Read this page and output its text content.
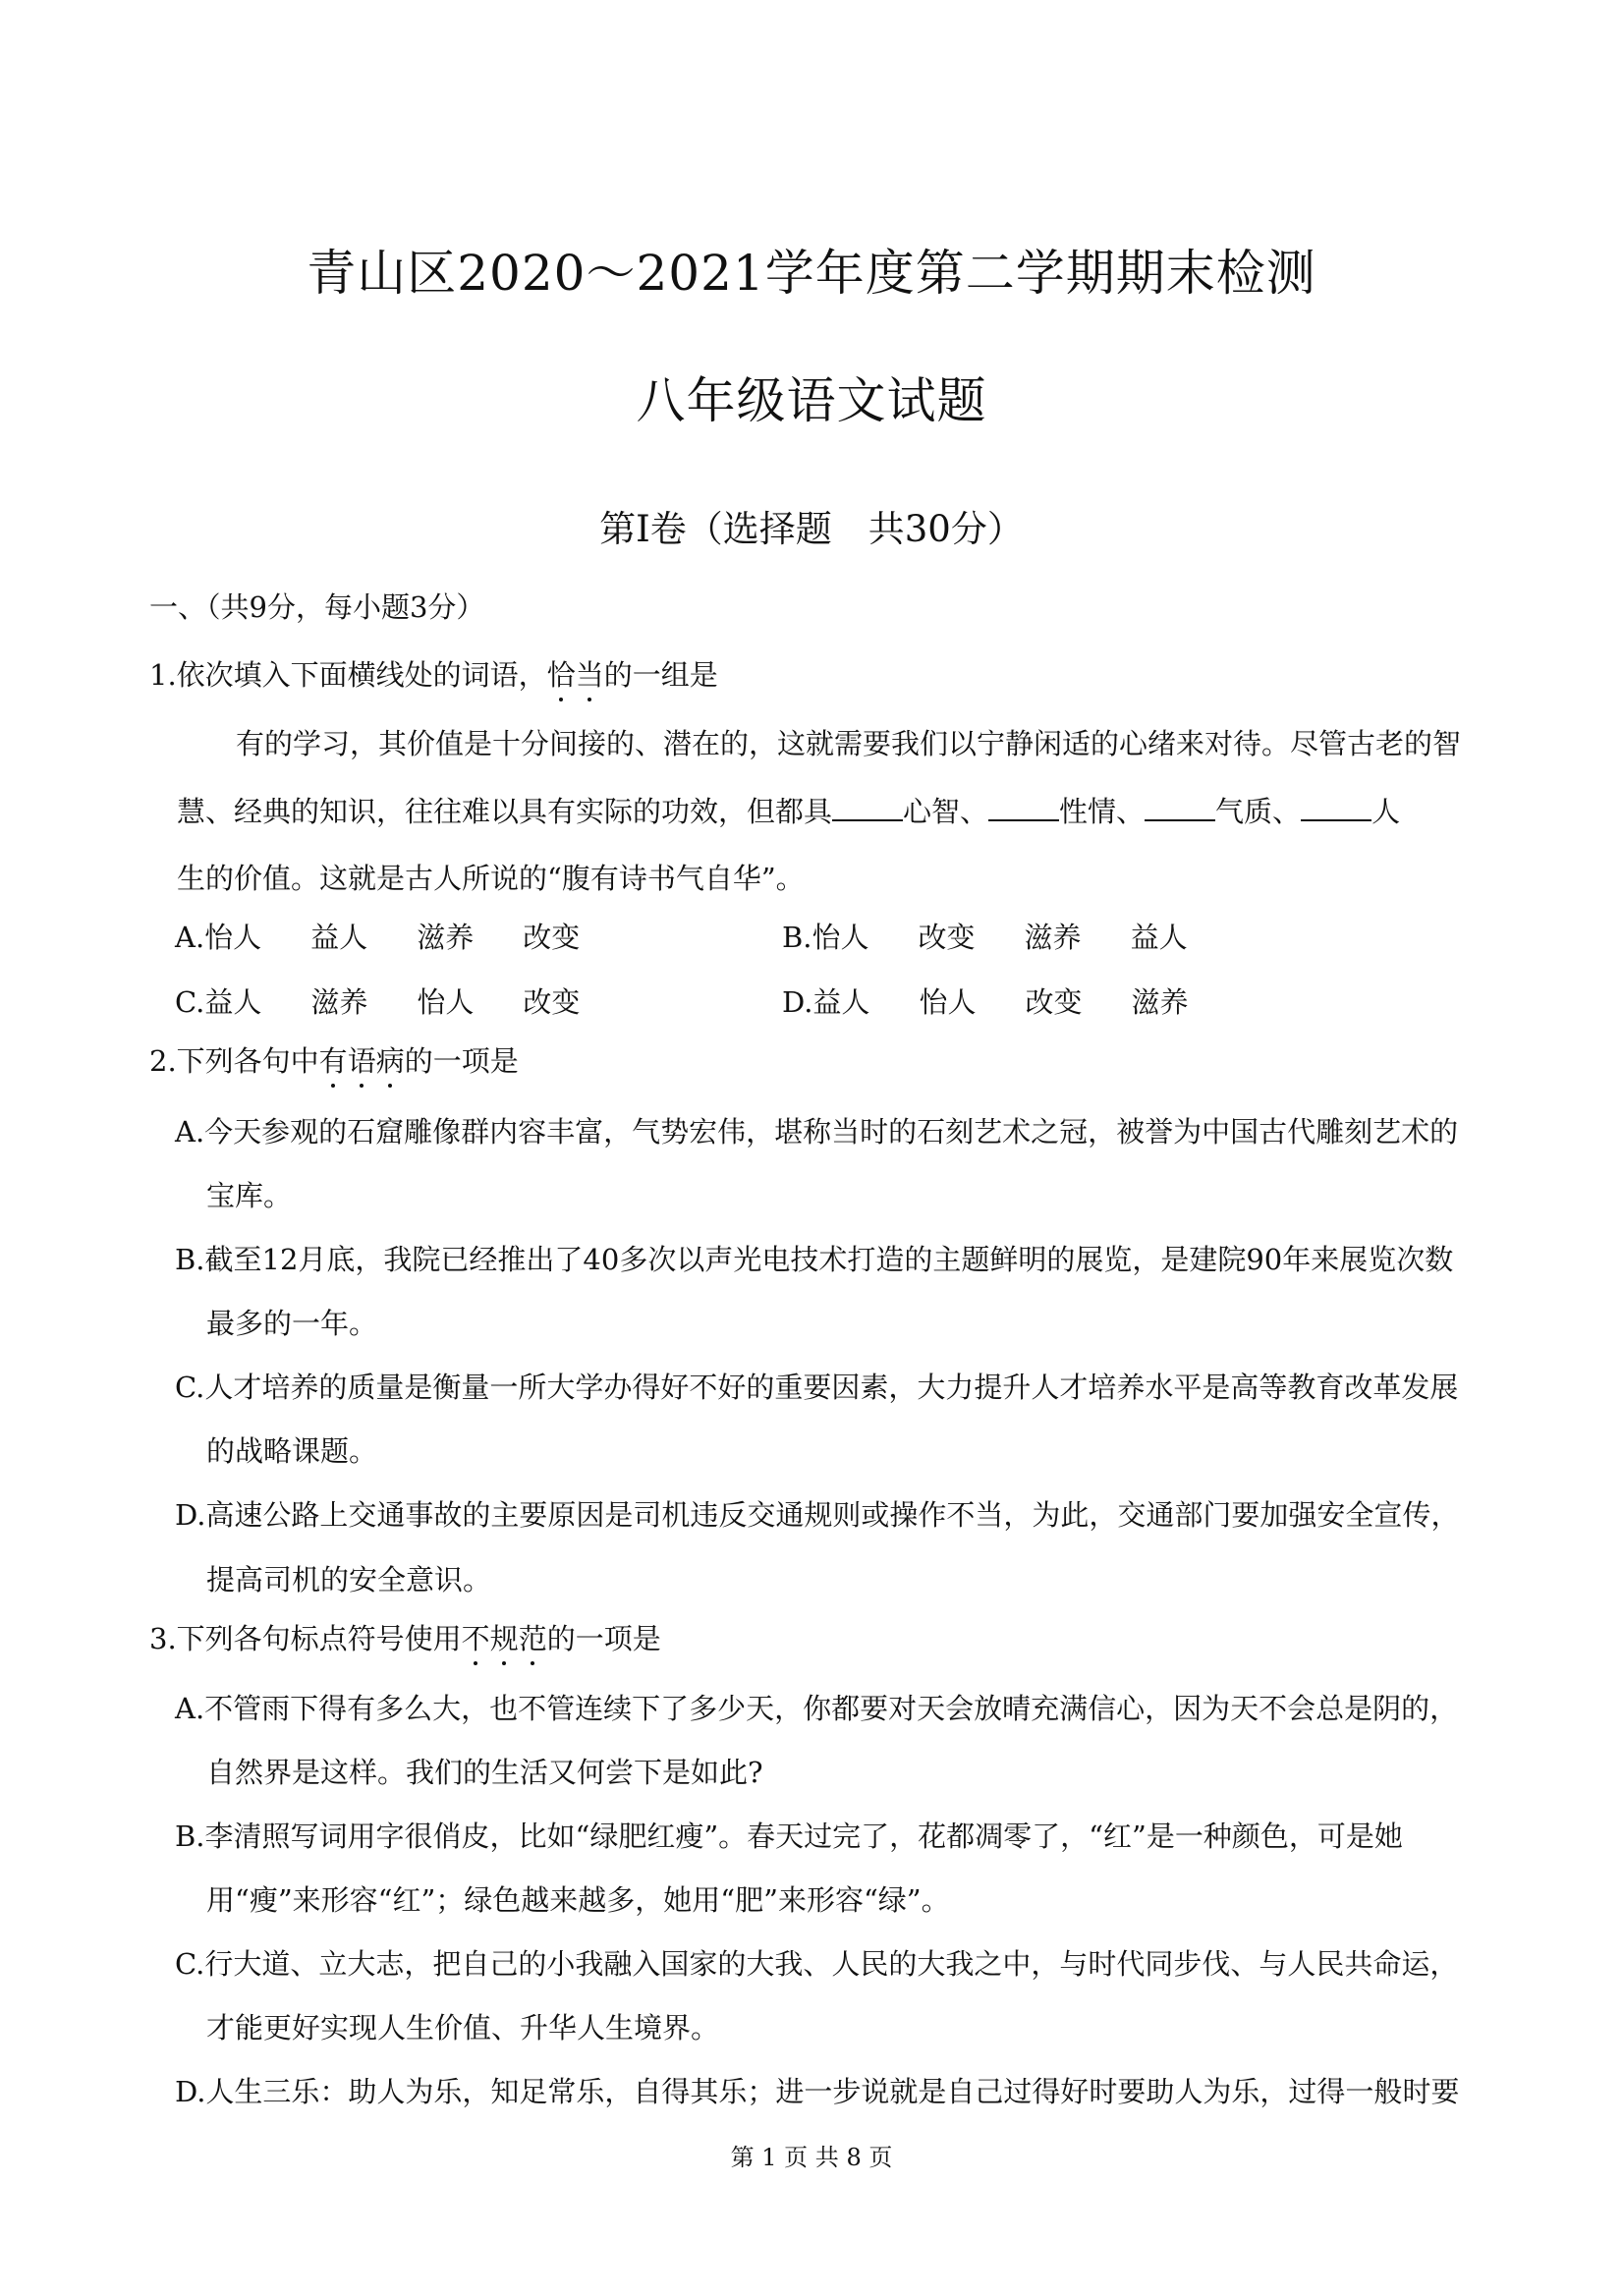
青山区2020～2021学年度第二学期期末检测
八年级语文试题
第Ⅰ卷（选择题　共30分）
一、（共9分，每小题3分）
1.依次填入下面横线处的词语，恰当的一组是
有的学习，其价值是十分间接的、潜在的，这就需要我们以宁静闲适的心绪来对待。尽管古老的智
慧、经典的知识，往往难以具有实际的功效，但都具 心智、 性情、 气质、 人
生的价值。这就是古人所说的“腹有诗书气自华”。
A.怡人 益人 滋养 改变	B.怡人 改变 滋养 益人
C.益人 滋养 怡人 改变	D.益人 怡人 改变 滋养
2.下列各句中有语病的一项是
A.今天参观的石窟雕像群内容丰富，气势宏伟，堪称当时的石刻艺术之冠，被誉为中国古代雕刻艺术的
宝库。
B.截至12月底，我院已经推出了40多次以声光电技术打造的主题鲜明的展览，是建院90年来展览次数
最多的一年。
C.人才培养的质量是衡量一所大学办得好不好的重要因素，大力提升人才培养水平是高等教育改革发展
的战略课题。
D.高速公路上交通事故的主要原因是司机违反交通规则或操作不当，为此，交通部门要加强安全宣传，
提高司机的安全意识。
3.下列各句标点符号使用不规范的一项是
A.不管雨下得有多么大，也不管连续下了多少天，你都要对天会放晴充满信心，因为天不会总是阴的，
自然界是这样。我们的生活又何尝下是如此?
B.李清照写词用字很俏皮，比如“绿肥红瘦”。春天过完了，花都凋零了，“红”是一种颜色，可是她
用“瘦”来形容“红”；绿色越来越多，她用“肥”来形容“绿”。
C.行大道、立大志，把自己的小我融入国家的大我、人民的大我之中，与时代同步伐、与人民共命运，
才能更好实现人生价值、升华人生境界。
D.人生三乐：助人为乐，知足常乐，自得其乐；进一步说就是自己过得好时要助人为乐，过得一般时要
第 1 页 共 8 页
